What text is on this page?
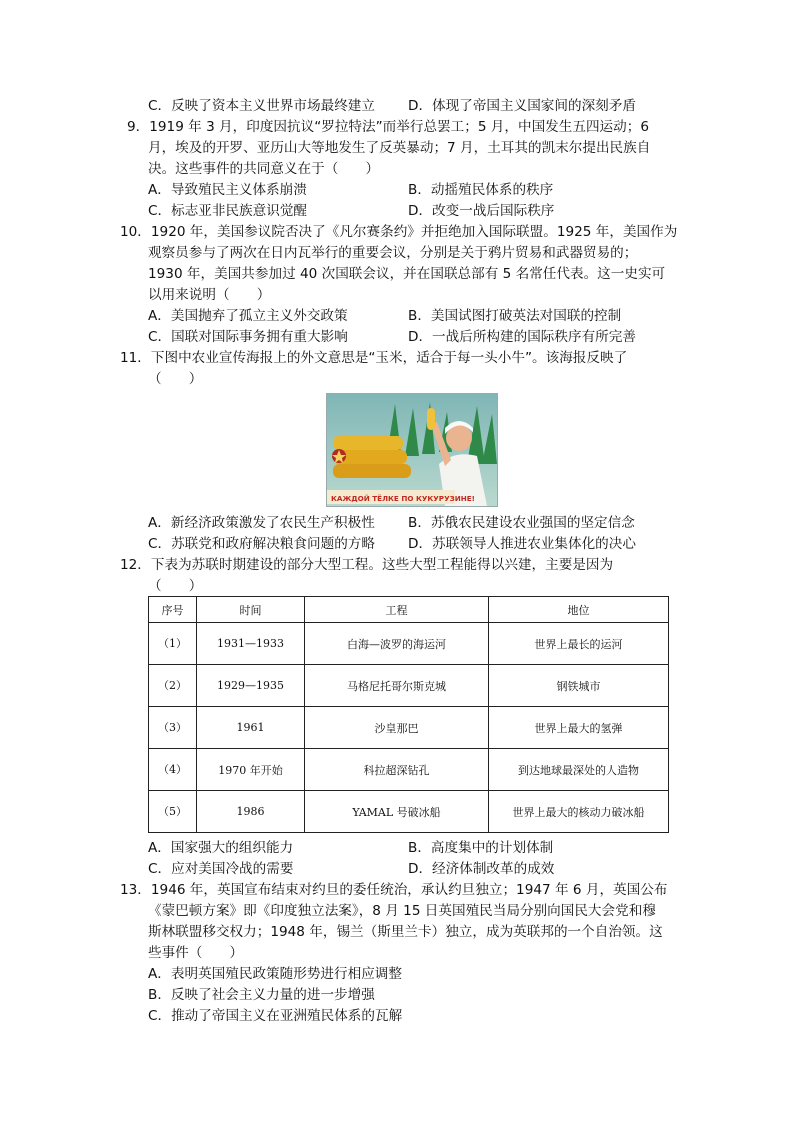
C．反映了资本主义世界市场最终建立 D．体现了帝国主义国家间的深刻矛盾
9．1919 年 3 月，印度因抗议“罗拉特法”而举行总罢工；5 月，中国发生五四运动；6
月，埃及的开罗、亚历山大等地发生了反英暴动；7 月，土耳其的凯末尔提出民族自
决。这些事件的共同意义在于（　　）
A．导致殖民主义体系崩溃	B．动摇殖民体系的秩序
C．标志亚非民族意识觉醒	D．改变一战后国际秩序
10．1920 年，美国参议院否决了《凡尔赛条约》并拒绝加入国际联盟。1925 年，美国作为
观察员参与了两次在日内瓦举行的重要会议，分别是关于鸦片贸易和武器贸易的；
1930 年，美国共参加过 40 次国联会议，并在国联总部有 5 名常任代表。这一史实可
以用来说明（　　）
A．美国抛弃了孤立主义外交政策	B．美国试图打破英法对国联的控制
C．国联对国际事务拥有重大影响	D．一战后所构建的国际秩序有所完善
11．下图中农业宣传海报上的外文意思是“玉米，适合于每一头小牛”。该海报反映了
（　　）
КАЖДОЙ ТЁЛКЕ ПО КУКУРУЗИНЕ!
A．新经济政策激发了农民生产积极性 B．苏俄农民建设农业强国的坚定信念
C．苏联党和政府解决粮食问题的方略 D．苏联领导人推进农业集体化的决心
12．下表为苏联时期建设的部分大型工程。这些大型工程能得以兴建，主要是因为
（　　）
序号	时间	工程	地位
（1）	1931—1933	白海—波罗的海运河	世界上最长的运河
（2）	1929—1935	马格尼托哥尔斯克城	钢铁城市
（3）	1961	沙皇那巴	世界上最大的氢弹
（4）	1970 年开始	科拉超深钻孔	到达地球最深处的人造物
（5）	1986	YAMAL 号破冰船	世界上最大的核动力破冰船
A．国家强大的组织能力	B．高度集中的计划体制
C．应对美国冷战的需要	D．经济体制改革的成效
13．1946 年，英国宣布结束对约旦的委任统治，承认约旦独立；1947 年 6 月，英国公布
《蒙巴顿方案》即《印度独立法案》，8 月 15 日英国殖民当局分别向国民大会党和穆
斯林联盟移交权力；1948 年，锡兰（斯里兰卡）独立，成为英联邦的一个自治领。这
些事件（　　）
A．表明英国殖民政策随形势进行相应调整
B．反映了社会主义力量的进一步增强
C．推动了帝国主义在亚洲殖民体系的瓦解
